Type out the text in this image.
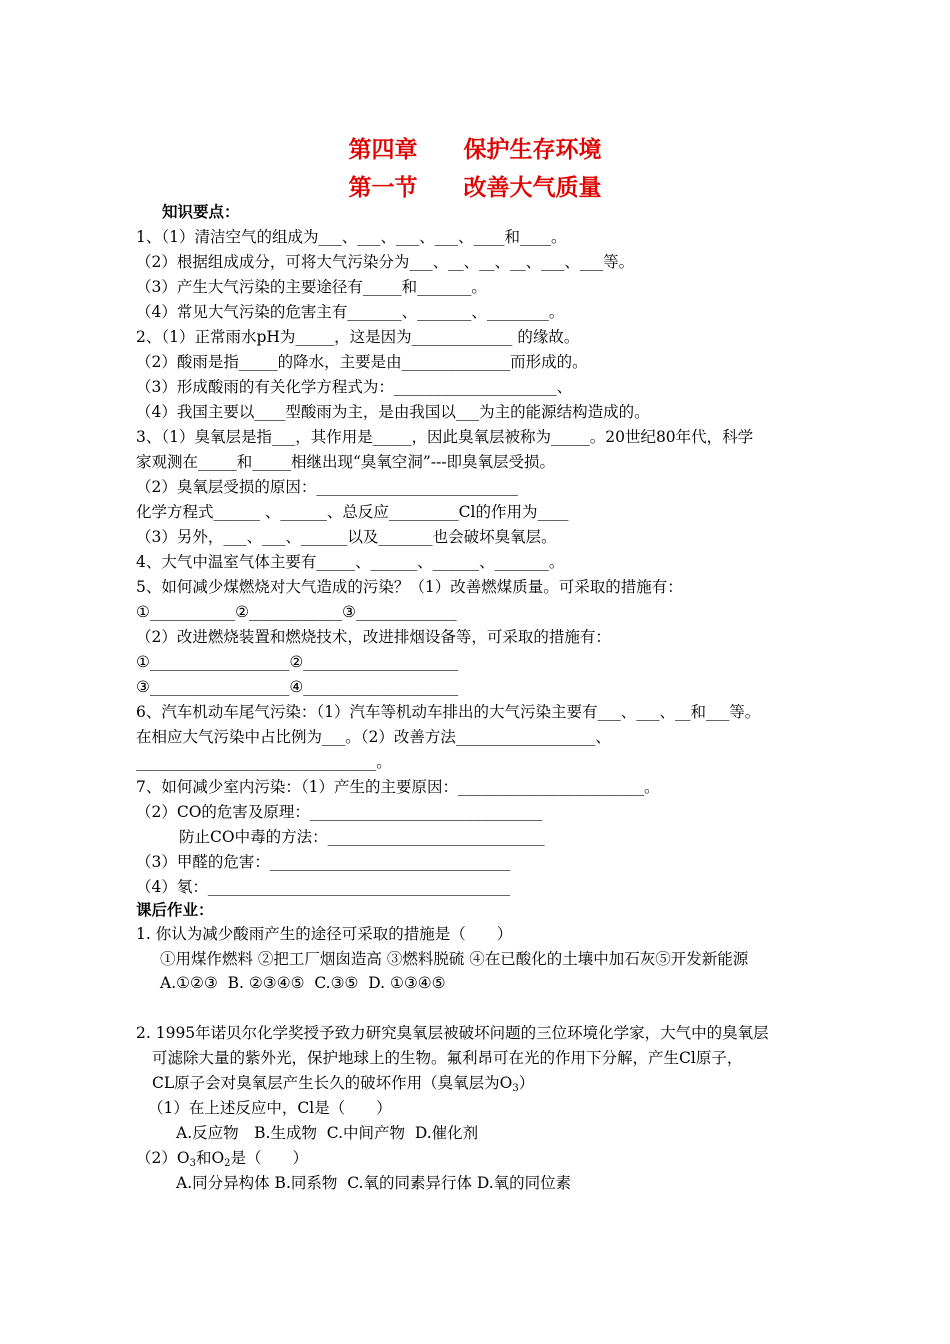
第四章　　保护生存环境
第一节　　改善大气质量
知识要点：
1、（1）清洁空气的组成为___、___、___、___、____和____。
（2）根据组成成分，可将大气污染分为___、__、__、__、___、___等。
（3）产生大气污染的主要途径有_____和_______。
（4）常见大气污染的危害主有_______、_______、________。
2、（1）正常雨水pH为_____，这是因为_____________ 的缘故。
（2）酸雨是指_____的降水，主要是由______________而形成的。
（3）形成酸雨的有关化学方程式为：_____________________、
（4）我国主要以____型酸雨为主，是由我国以___为主的能源结构造成的。
3、（1）臭氧层是指___，其作用是_____，因此臭氧层被称为_____。20世纪80年代，科学
家观测在_____和_____相继出现“臭氧空洞”---即臭氧层受损。
（2）臭氧层受损的原因：__________________________
化学方程式______ 、______、总反应_________Cl的作用为____
（3）另外，___、___、______以及_______也会破坏臭氧层。
4、大气中温室气体主要有_____、______、______、_______。
5、如何减少煤燃烧对大气造成的污染？（1）改善燃煤质量。可采取的措施有：
①___________②____________③_____________
（2）改进燃烧装置和燃烧技术，改进排烟设备等，可采取的措施有：
①__________________②____________________
③__________________④____________________
6、汽车机动车尾气污染：（1）汽车等机动车排出的大气污染主要有___、___、__和___等。
在相应大气污染中占比例为___。（2）改善方法__________________、
_______________________________。
7、如何减少室内污染：（1）产生的主要原因：________________________。
（2）CO的危害及原理：______________________________
　　防止CO中毒的方法：____________________________
（3）甲醛的危害：_______________________________
（4）氡：_______________________________________
课后作业：
1. 你认为减少酸雨产生的途径可采取的措施是（　　）
①用煤作燃料 ②把工厂烟囱造高 ③燃料脱硫 ④在已酸化的土壤中加石灰⑤开发新能源
A.①②③  B. ②③④⑤  C.③⑤  D. ①③④⑤
2. 1995年诺贝尔化学奖授予致力研究臭氧层被破坏问题的三位环境化学家，大气中的臭氧层
可滤除大量的紫外光，保护地球上的生物。氟利昂可在光的作用下分解，产生Cl原子，
CL原子会对臭氧层产生长久的破坏作用（臭氧层为$O_3$）
（1）在上述反应中，Cl是（　　）
A.反应物　B.生成物  C.中间产物  D.催化剂
$(2)O_3$和$O_2$是（　　）
A.同分异构体 B.同系物  C.氧的同素异行体 D.氧的同位素
